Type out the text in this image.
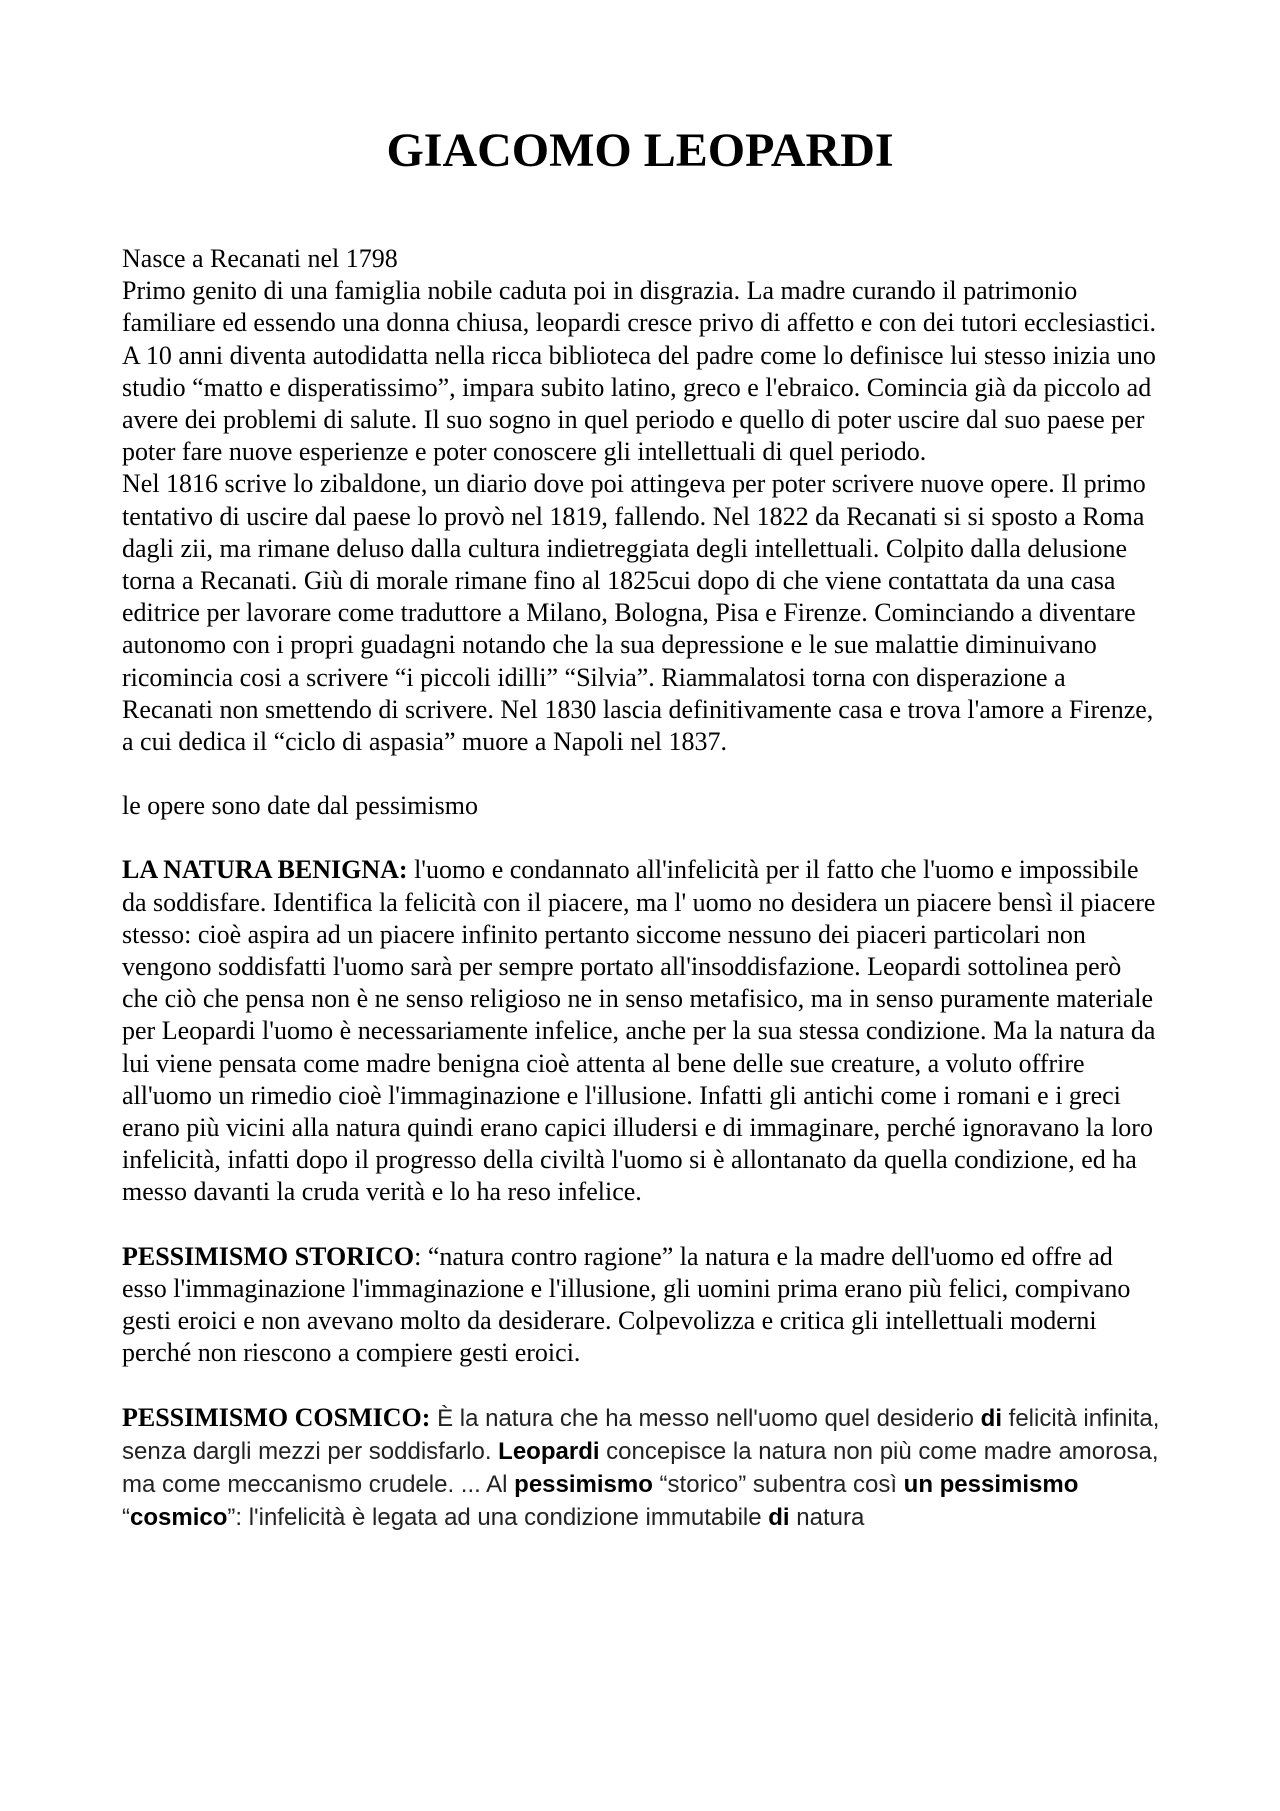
GIACOMO LEOPARDI

Nasce a Recanati nel 1798

Primo genito di una famiglia nobile caduta poi in disgrazia. La madre curando il patrimonio familiare ed essendo una donna chiusa, leopardi cresce privo di affetto e con dei tutori ecclesiastici. A 10 anni diventa autodidatta nella ricca biblioteca del padre come lo definisce lui stesso inizia uno studio “matto e disperatissimo”, impara subito latino, greco e l'ebraico. Comincia già da piccolo ad avere dei problemi di salute. Il suo sogno in quel periodo e quello di poter uscire dal suo paese per poter fare nuove esperienze e poter conoscere gli intellettuali di quel periodo.

Nel 1816 scrive lo zibaldone, un diario dove poi attingeva per poter scrivere nuove opere. Il primo tentativo di uscire dal paese lo provò nel 1819, fallendo. Nel 1822 da Recanati si si sposto a Roma dagli zii, ma rimane deluso dalla cultura indietreggiata degli intellettuali. Colpito dalla delusione torna a Recanati. Giù di morale rimane fino al 1825cui dopo di che viene contattata da una casa editrice per lavorare come traduttore a Milano, Bologna, Pisa e Firenze. Cominciando a diventare autonomo con i propri guadagni notando che la sua depressione e le sue malattie diminuivano ricomincia cosi a scrivere “i piccoli idilli” “Silvia”. Riammalatosi torna con disperazione a Recanati non smettendo di scrivere. Nel 1830 lascia definitivamente casa e trova l'amore a Firenze, a cui dedica il “ciclo di aspasia” muore a Napoli nel 1837.

le opere sono date dal pessimismo

LA NATURA BENIGNA: l'uomo e condannato all'infelicità per il fatto che l'uomo e impossibile da soddisfare. Identifica la felicità con il piacere, ma l' uomo no desidera un piacere bensì il piacere stesso: cioè aspira ad un piacere infinito pertanto siccome nessuno dei piaceri particolari non vengono soddisfatti l'uomo sarà per sempre portato all'insoddisfazione. Leopardi sottolinea però che ciò che pensa non è ne senso religioso ne in senso metafisico, ma in senso puramente materiale per Leopardi l'uomo è necessariamente infelice, anche per la sua stessa condizione. Ma la natura da lui viene pensata come madre benigna cioè attenta al bene delle sue creature, a voluto offrire all'uomo un rimedio cioè l'immaginazione e l'illusione. Infatti gli antichi come i romani e i greci erano più vicini alla natura quindi erano capici illudersi e di immaginare, perché ignoravano la loro infelicità, infatti dopo il progresso della civiltà l'uomo si è allontanato da quella condizione, ed ha messo davanti la cruda verità e lo ha reso infelice.

PESSIMISMO STORICO: “natura contro ragione” la natura e la madre dell'uomo ed offre ad esso l'immaginazione l'immaginazione e l'illusione, gli uomini prima erano più felici, compivano gesti eroici e non avevano molto da desiderare. Colpevolizza e critica gli intellettuali moderni perché non riescono a compiere gesti eroici.

PESSIMISMO COSMICO: È la natura che ha messo nell'uomo quel desiderio di felicità infinita, senza dargli mezzi per soddisfarlo. Leopardi concepisce la natura non più come madre amorosa, ma come meccanismo crudele. ... Al pessimismo “storico” subentra così un pessimismo “cosmico”: l'infelicità è legata ad una condizione immutabile di natura
